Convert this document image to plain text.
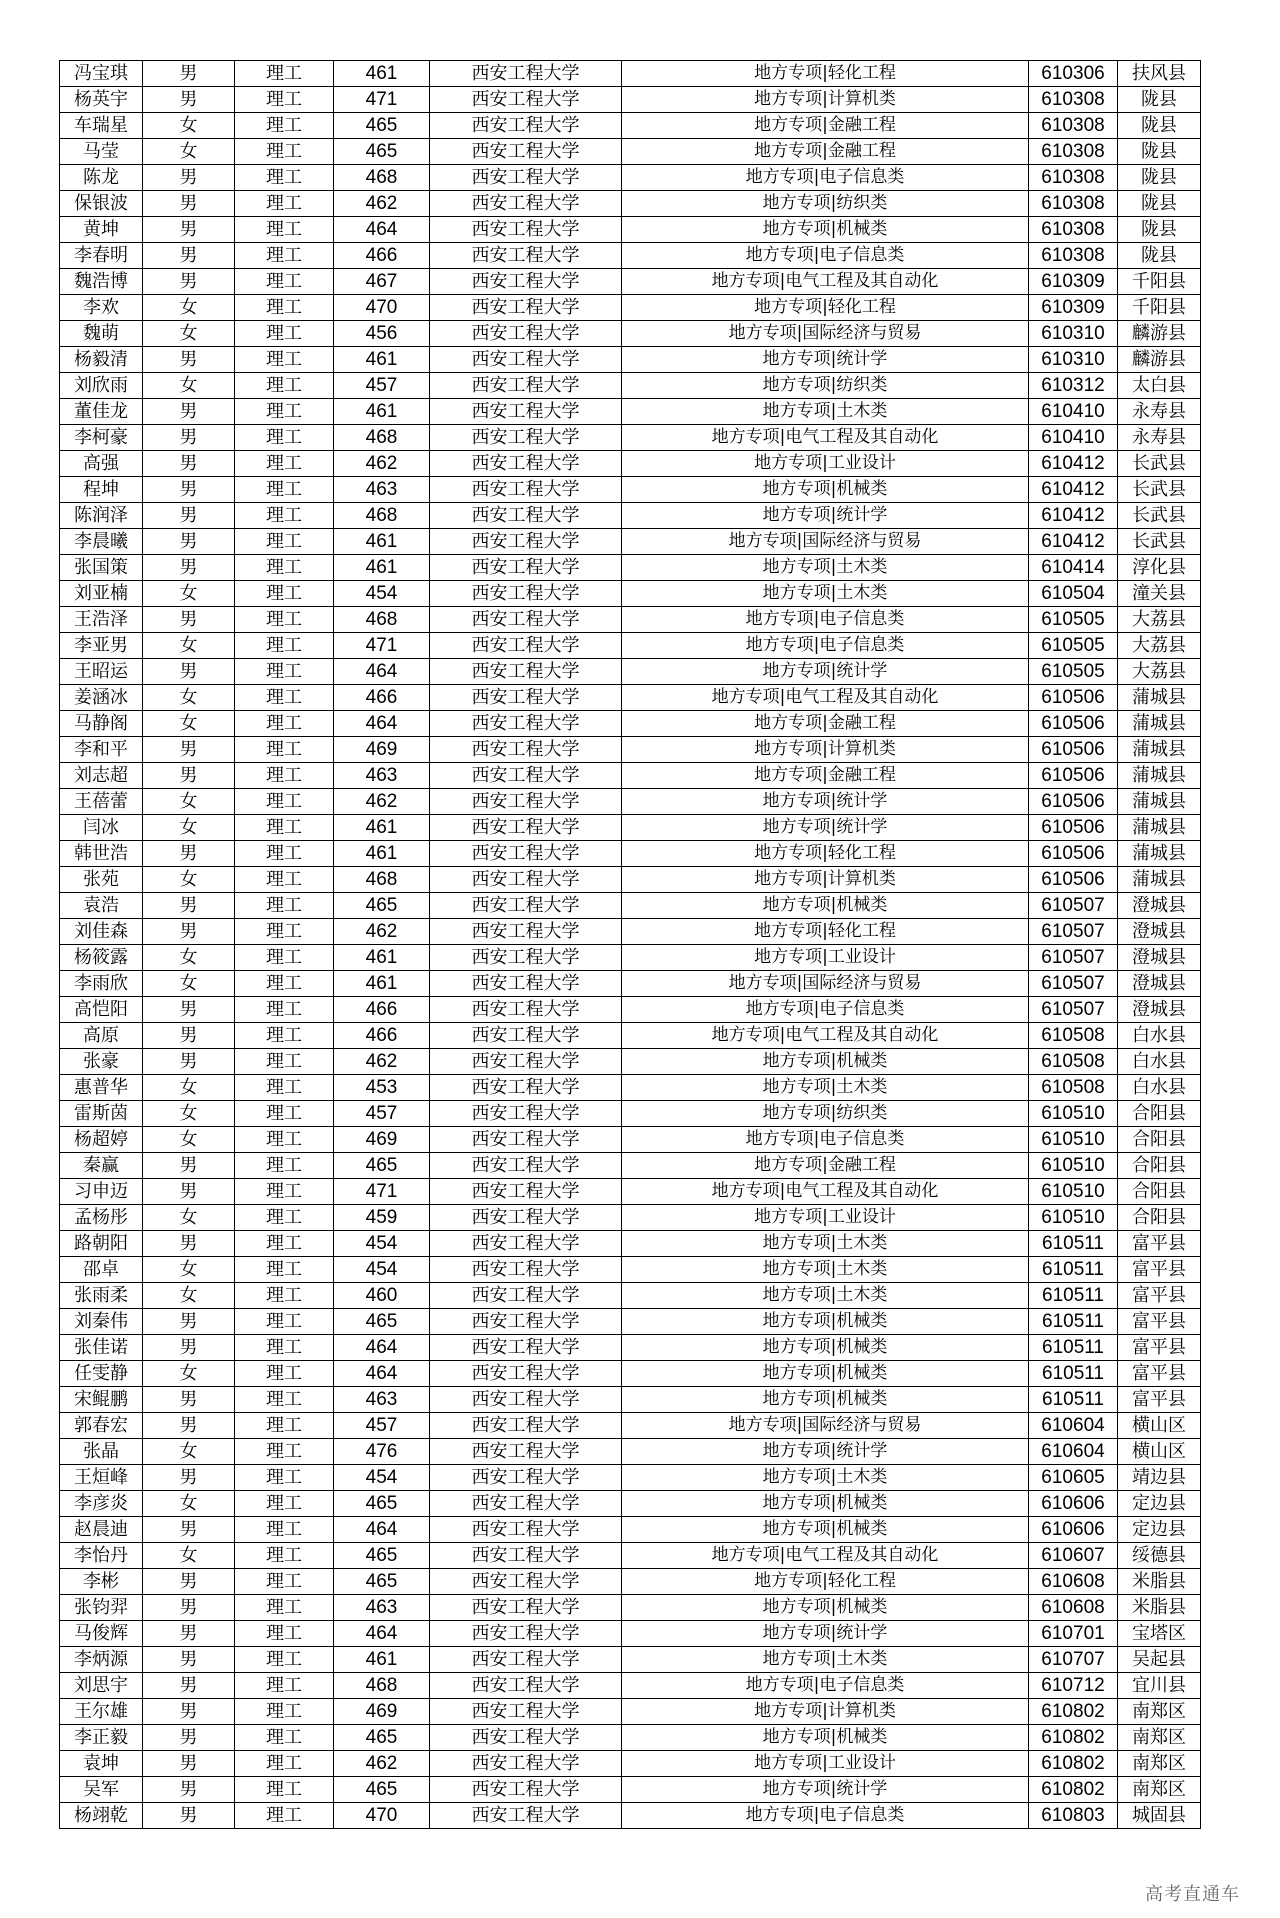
冯宝琪	男	理工	461	西安工程大学	地方专项|轻化工程	610306	扶风县
杨英宇	男	理工	471	西安工程大学	地方专项|计算机类	610308	陇县
车瑞星	女	理工	465	西安工程大学	地方专项|金融工程	610308	陇县
马莹	女	理工	465	西安工程大学	地方专项|金融工程	610308	陇县
陈龙	男	理工	468	西安工程大学	地方专项|电子信息类	610308	陇县
保银波	男	理工	462	西安工程大学	地方专项|纺织类	610308	陇县
黄坤	男	理工	464	西安工程大学	地方专项|机械类	610308	陇县
李春明	男	理工	466	西安工程大学	地方专项|电子信息类	610308	陇县
魏浩博	男	理工	467	西安工程大学	地方专项|电气工程及其自动化	610309	千阳县
李欢	女	理工	470	西安工程大学	地方专项|轻化工程	610309	千阳县
魏萌	女	理工	456	西安工程大学	地方专项|国际经济与贸易	610310	麟游县
杨毅清	男	理工	461	西安工程大学	地方专项|统计学	610310	麟游县
刘欣雨	女	理工	457	西安工程大学	地方专项|纺织类	610312	太白县
董佳龙	男	理工	461	西安工程大学	地方专项|土木类	610410	永寿县
李柯豪	男	理工	468	西安工程大学	地方专项|电气工程及其自动化	610410	永寿县
高强	男	理工	462	西安工程大学	地方专项|工业设计	610412	长武县
程坤	男	理工	463	西安工程大学	地方专项|机械类	610412	长武县
陈润泽	男	理工	468	西安工程大学	地方专项|统计学	610412	长武县
李晨曦	男	理工	461	西安工程大学	地方专项|国际经济与贸易	610412	长武县
张国策	男	理工	461	西安工程大学	地方专项|土木类	610414	淳化县
刘亚楠	女	理工	454	西安工程大学	地方专项|土木类	610504	潼关县
王浩泽	男	理工	468	西安工程大学	地方专项|电子信息类	610505	大荔县
李亚男	女	理工	471	西安工程大学	地方专项|电子信息类	610505	大荔县
王昭运	男	理工	464	西安工程大学	地方专项|统计学	610505	大荔县
姜涵冰	女	理工	466	西安工程大学	地方专项|电气工程及其自动化	610506	蒲城县
马静阁	女	理工	464	西安工程大学	地方专项|金融工程	610506	蒲城县
李和平	男	理工	469	西安工程大学	地方专项|计算机类	610506	蒲城县
刘志超	男	理工	463	西安工程大学	地方专项|金融工程	610506	蒲城县
王蓓蕾	女	理工	462	西安工程大学	地方专项|统计学	610506	蒲城县
闫冰	女	理工	461	西安工程大学	地方专项|统计学	610506	蒲城县
韩世浩	男	理工	461	西安工程大学	地方专项|轻化工程	610506	蒲城县
张苑	女	理工	468	西安工程大学	地方专项|计算机类	610506	蒲城县
袁浩	男	理工	465	西安工程大学	地方专项|机械类	610507	澄城县
刘佳森	男	理工	462	西安工程大学	地方专项|轻化工程	610507	澄城县
杨筱露	女	理工	461	西安工程大学	地方专项|工业设计	610507	澄城县
李雨欣	女	理工	461	西安工程大学	地方专项|国际经济与贸易	610507	澄城县
高恺阳	男	理工	466	西安工程大学	地方专项|电子信息类	610507	澄城县
高原	男	理工	466	西安工程大学	地方专项|电气工程及其自动化	610508	白水县
张豪	男	理工	462	西安工程大学	地方专项|机械类	610508	白水县
惠普华	女	理工	453	西安工程大学	地方专项|土木类	610508	白水县
雷斯茵	女	理工	457	西安工程大学	地方专项|纺织类	610510	合阳县
杨超婷	女	理工	469	西安工程大学	地方专项|电子信息类	610510	合阳县
秦赢	男	理工	465	西安工程大学	地方专项|金融工程	610510	合阳县
习申迈	男	理工	471	西安工程大学	地方专项|电气工程及其自动化	610510	合阳县
孟杨彤	女	理工	459	西安工程大学	地方专项|工业设计	610510	合阳县
路朝阳	男	理工	454	西安工程大学	地方专项|土木类	610511	富平县
邵卓	女	理工	454	西安工程大学	地方专项|土木类	610511	富平县
张雨柔	女	理工	460	西安工程大学	地方专项|土木类	610511	富平县
刘秦伟	男	理工	465	西安工程大学	地方专项|机械类	610511	富平县
张佳诺	男	理工	464	西安工程大学	地方专项|机械类	610511	富平县
任雯静	女	理工	464	西安工程大学	地方专项|机械类	610511	富平县
宋鲲鹏	男	理工	463	西安工程大学	地方专项|机械类	610511	富平县
郭春宏	男	理工	457	西安工程大学	地方专项|国际经济与贸易	610604	横山区
张晶	女	理工	476	西安工程大学	地方专项|统计学	610604	横山区
王烜峰	男	理工	454	西安工程大学	地方专项|土木类	610605	靖边县
李彦炎	女	理工	465	西安工程大学	地方专项|机械类	610606	定边县
赵晨迪	男	理工	464	西安工程大学	地方专项|机械类	610606	定边县
李怡丹	女	理工	465	西安工程大学	地方专项|电气工程及其自动化	610607	绥德县
李彬	男	理工	465	西安工程大学	地方专项|轻化工程	610608	米脂县
张钧羿	男	理工	463	西安工程大学	地方专项|机械类	610608	米脂县
马俊辉	男	理工	464	西安工程大学	地方专项|统计学	610701	宝塔区
李炳源	男	理工	461	西安工程大学	地方专项|土木类	610707	吴起县
刘思宇	男	理工	468	西安工程大学	地方专项|电子信息类	610712	宜川县
王尔雄	男	理工	469	西安工程大学	地方专项|计算机类	610802	南郑区
李正毅	男	理工	465	西安工程大学	地方专项|机械类	610802	南郑区
袁坤	男	理工	462	西安工程大学	地方专项|工业设计	610802	南郑区
吴军	男	理工	465	西安工程大学	地方专项|统计学	610802	南郑区
杨翊乾	男	理工	470	西安工程大学	地方专项|电子信息类	610803	城固县
高考直通车
